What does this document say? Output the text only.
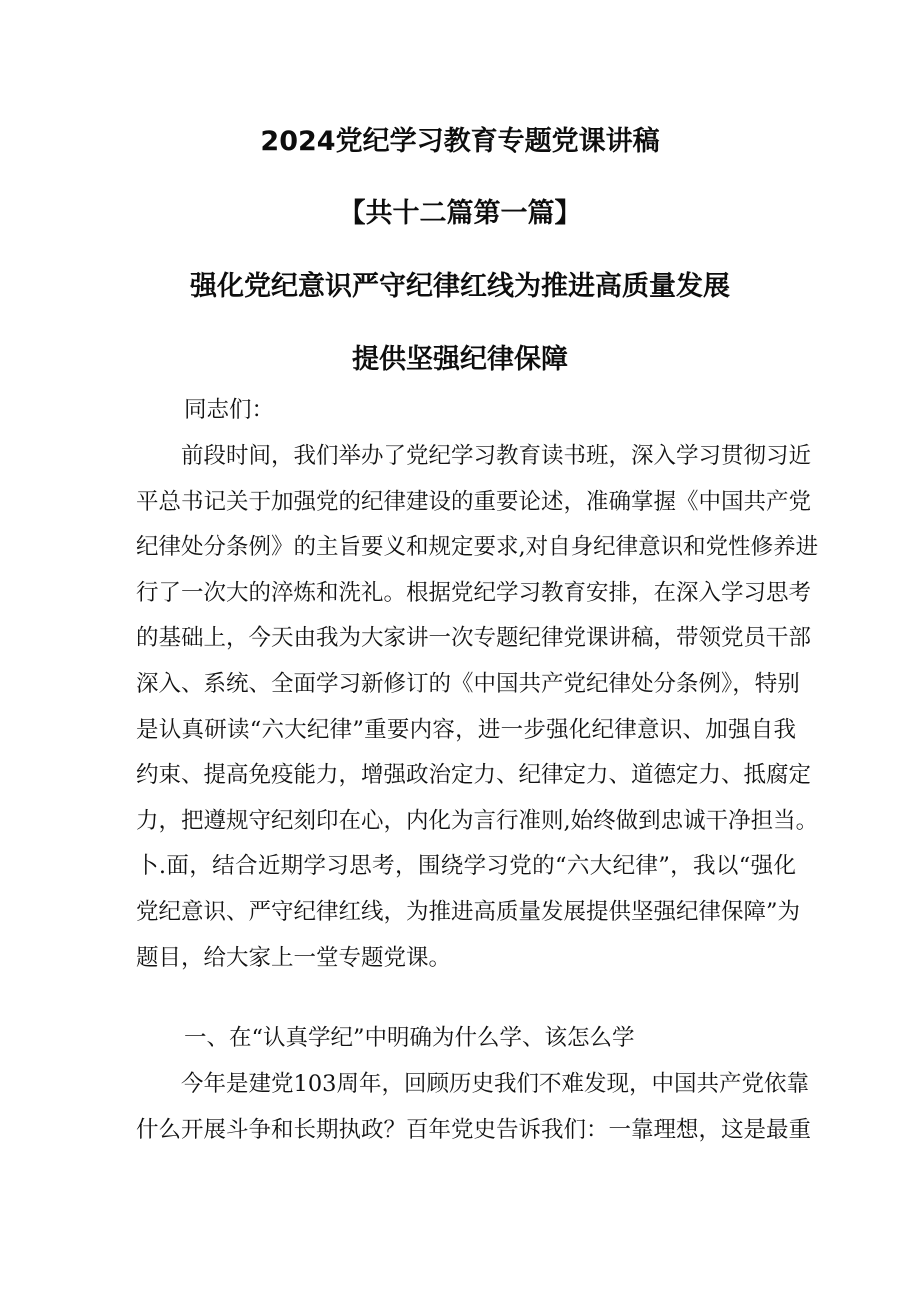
2024党纪学习教育专题党课讲稿
【共十二篇第一篇】
强化党纪意识严守纪律红线为推进高质量发展
提供坚强纪律保障
同志们：
前段时间，我们举办了党纪学习教育读书班，深入学习贯彻习近
平总书记关于加强党的纪律建设的重要论述，准确掌握《中国共产党
纪律处分条例》的主旨要义和规定要求,对自身纪律意识和党性修养进
行了一次大的淬炼和洗礼。根据党纪学习教育安排，在深入学习思考
的基础上，今天由我为大家讲一次专题纪律党课讲稿，带领党员干部
深入、系统、全面学习新修订的《中国共产党纪律处分条例》，特别
是认真研读“六大纪律”重要内容，进一步强化纪律意识、加强自我
约束、提高免疫能力，增强政治定力、纪律定力、道德定力、抵腐定
力，把遵规守纪刻印在心，内化为言行准则,始终做到忠诚干净担当。
卜.面，结合近期学习思考，围绕学习党的“六大纪律”，我以“强化
党纪意识、严守纪律红线，为推进高质量发展提供坚强纪律保障”为
题目，给大家上一堂专题党课。
一、在“认真学纪”中明确为什么学、该怎么学
今年是建党103周年，回顾历史我们不难发现，中国共产党依靠
什么开展斗争和长期执政？百年党史告诉我们：一靠理想，这是最重
